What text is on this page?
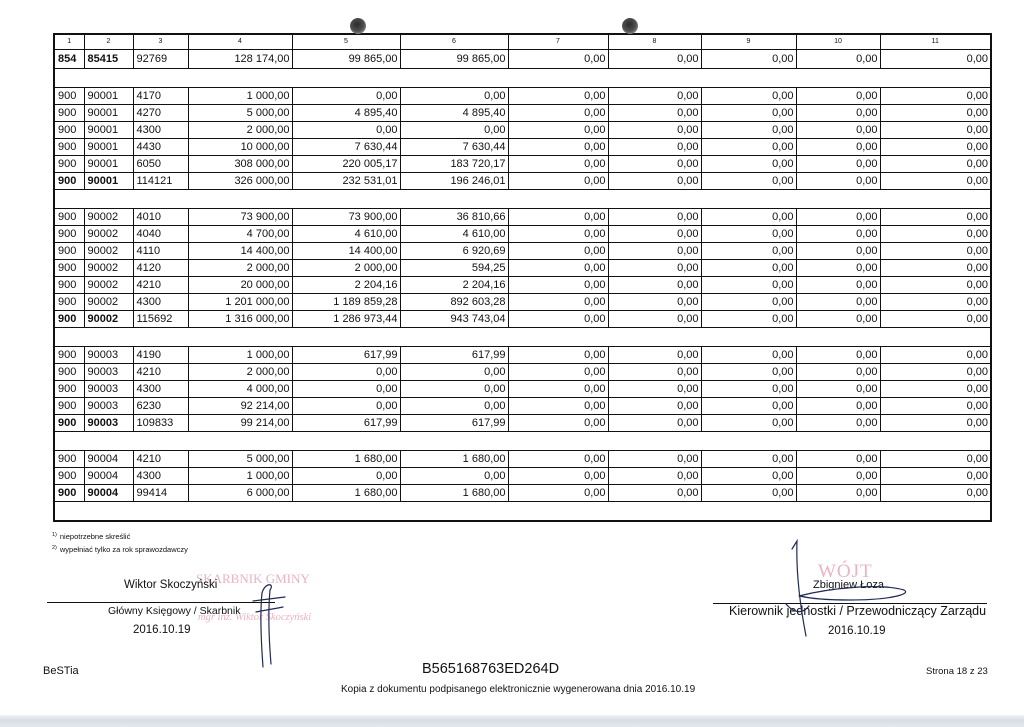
1	2	3	4	5	6	7	8	9	10	11
854	85415	92769	128 174,00	99 865,00	99 865,00	0,00	0,00	0,00	0,00	0,00

900	90001	4170	1 000,00	0,00	0,00	0,00	0,00	0,00	0,00	0,00
900	90001	4270	5 000,00	4 895,40	4 895,40	0,00	0,00	0,00	0,00	0,00
900	90001	4300	2 000,00	0,00	0,00	0,00	0,00	0,00	0,00	0,00
900	90001	4430	10 000,00	7 630,44	7 630,44	0,00	0,00	0,00	0,00	0,00
900	90001	6050	308 000,00	220 005,17	183 720,17	0,00	0,00	0,00	0,00	0,00
900	90001	114121	326 000,00	232 531,01	196 246,01	0,00	0,00	0,00	0,00	0,00

900	90002	4010	73 900,00	73 900,00	36 810,66	0,00	0,00	0,00	0,00	0,00
900	90002	4040	4 700,00	4 610,00	4 610,00	0,00	0,00	0,00	0,00	0,00
900	90002	4110	14 400,00	14 400,00	6 920,69	0,00	0,00	0,00	0,00	0,00
900	90002	4120	2 000,00	2 000,00	594,25	0,00	0,00	0,00	0,00	0,00
900	90002	4210	20 000,00	2 204,16	2 204,16	0,00	0,00	0,00	0,00	0,00
900	90002	4300	1 201 000,00	1 189 859,28	892 603,28	0,00	0,00	0,00	0,00	0,00
900	90002	115692	1 316 000,00	1 286 973,44	943 743,04	0,00	0,00	0,00	0,00	0,00

900	90003	4190	1 000,00	617,99	617,99	0,00	0,00	0,00	0,00	0,00
900	90003	4210	2 000,00	0,00	0,00	0,00	0,00	0,00	0,00	0,00
900	90003	4300	4 000,00	0,00	0,00	0,00	0,00	0,00	0,00	0,00
900	90003	6230	92 214,00	0,00	0,00	0,00	0,00	0,00	0,00	0,00
900	90003	109833	99 214,00	617,99	617,99	0,00	0,00	0,00	0,00	0,00

900	90004	4210	5 000,00	1 680,00	1 680,00	0,00	0,00	0,00	0,00	0,00
900	90004	4300	1 000,00	0,00	0,00	0,00	0,00	0,00	0,00	0,00
900	90004	99414	6 000,00	1 680,00	1 680,00	0,00	0,00	0,00	0,00	0,00

$^{1)}$ niepotrzebne skreślić
$^{2)}$ wypełniać tylko za rok sprawozdawczy
SKARBNIK GMINY
mgr inż. Wiktor Skoczyński
Wiktor Skoczyński
Główny Księgowy / Skarbnik
2016.10.19
WÓJT
Zbigniew Łoza
Kierownik jednostki / Przewodniczący Zarządu
2016.10.19
BeSTia	B565168763ED264D	Strona 18 z 23
Kopia z dokumentu podpisanego elektronicznie wygenerowana dnia 2016.10.19
